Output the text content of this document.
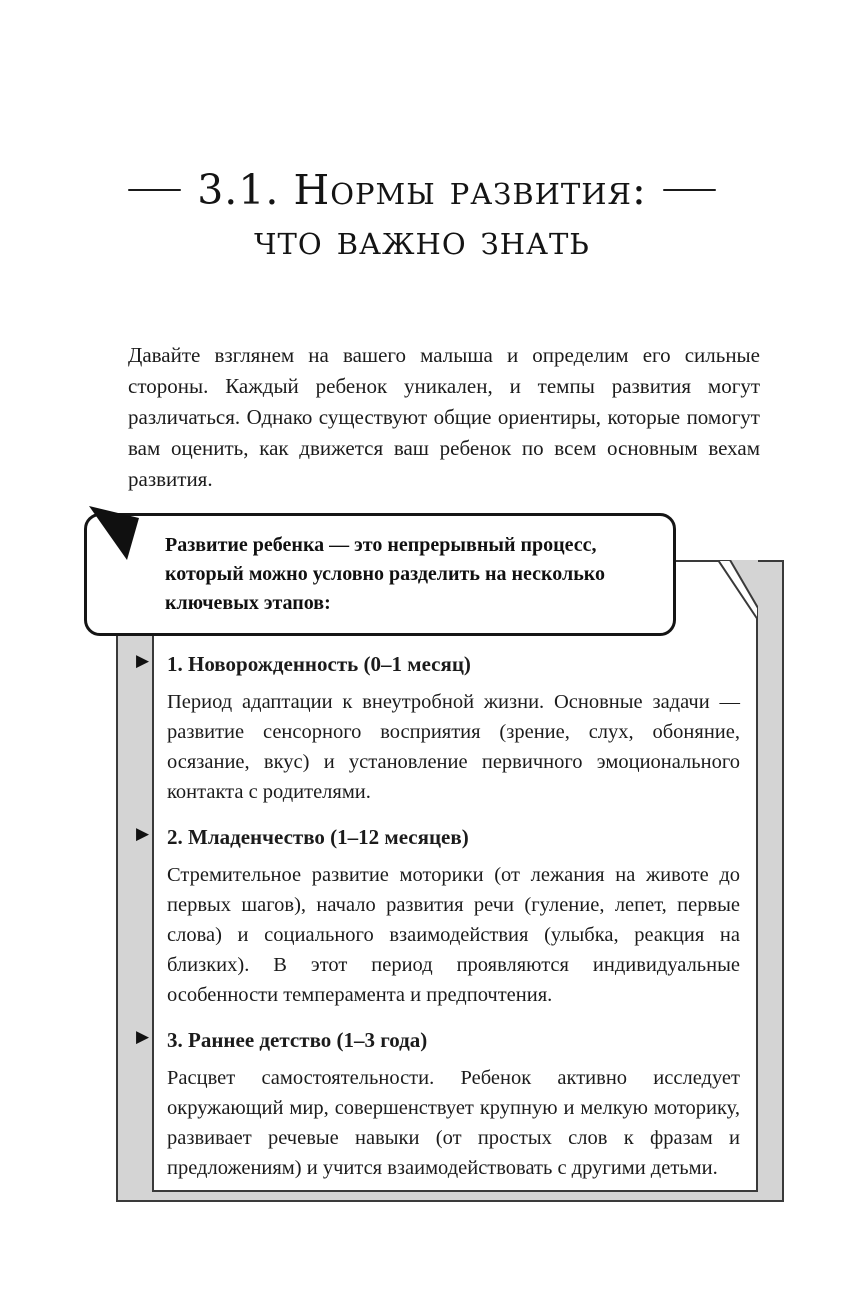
3.1. Нормы развития:
что важно знать

Давайте взглянем на вашего малыша и определим его сильные стороны. Каждый ребенок уникален, и темпы развития могут различаться. Однако существуют общие ориентиры, которые помогут вам оценить, как движется ваш ребенок по всем основным вехам развития.

▶ 1. Новорожденность (0–1 месяц)
Период адаптации к внеутробной жизни. Основные задачи — развитие сенсорного восприятия (зрение, слух, обоняние, осязание, вкус) и установление первичного эмоционального контакта с родителями.
▶ 2. Младенчество (1–12 месяцев)
Стремительное развитие моторики (от лежания на животе до первых шагов), начало развития речи (гуление, лепет, первые слова) и социального взаимодействия (улыбка, реакция на близких). В этот период проявляются индивидуальные особенности темперамента и предпочтения.
▶ 3. Раннее детство (1–3 года)
Расцвет самостоятельности. Ребенок активно исследует окружающий мир, совершенствует крупную и мелкую моторику, развивает речевые навыки (от простых слов к фразам и предложениям) и учится взаимодействовать с другими детьми.
Развитие ребенка — это непрерывный процесс, который можно условно разделить на несколько ключевых этапов:
